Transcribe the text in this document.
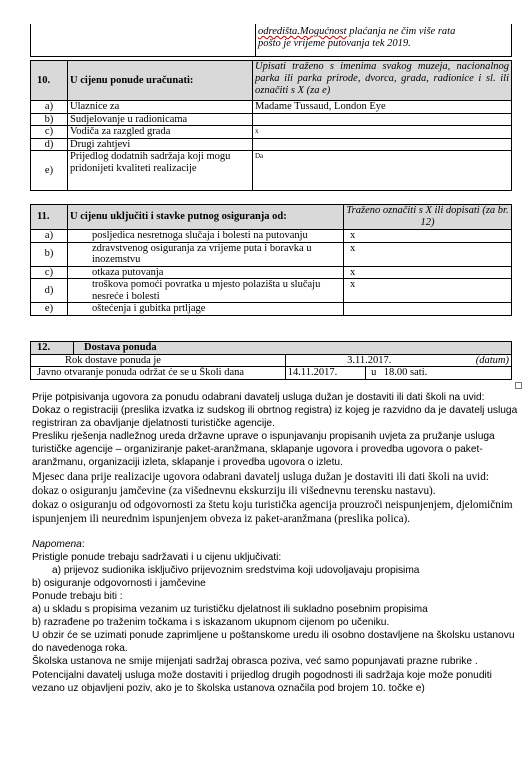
	odredišta.Mogućnost plaćanja ne čim više rata
pošto je vrijeme putovanja tek 2019.
10.	U cijenu ponude uračunati:	Upisati traženo s imenima svakog muzeja, nacionalnog parka ili parka prirode, dvorca, grada, radionice i sl. ili označiti s X (za e)
a)	Ulaznice za	Madame Tussaud, London Eye
b)	Sudjelovanje u radionicama	
c)	Vodiča za razgled grada	x
d)	Drugi zahtjevi	
e)	Prijedlog dodatnih sadržaja koji mogu pridonijeti kvaliteti realizacije	Da
11.	U cijenu uključiti i stavke putnog osiguranja od:	Traženo označiti s X ili dopisati (za br. 12)
a)	posljedica nesretnoga slučaja i bolesti na putovanju	x
b)	zdravstvenog osiguranja za vrijeme puta i boravka u inozemstvu	x
c)	otkaza putovanja	x
d)	troškova pomoći povratka u mjesto polazišta u slučaju nesreće i bolesti	x
e)	oštećenja i gubitka prtljage	
12.	Dostava ponuda				
Rok dostave ponuda je		3.11.2017.			(datum)
Javno otvaranje ponuda održat će se u Školi dana		14.11.2017.	u	18.00 sati.	

Prije potpisivanja ugovora za ponudu odabrani davatelj usluga dužan je dostaviti ili dati školi na uvid:

Dokaz o registraciji (preslika izvatka iz sudskog ili obrtnog registra) iz kojeg je razvidno da je davatelj usluga registriran za obavljanje djelatnosti turističke agencije.

Presliku rješenja nadležnog ureda državne uprave o ispunjavanju propisanih uvjeta za pružanje usluga turističke agencije – organiziranje paket-aranžmana, sklapanje ugovora i provedba ugovora o paket-aranžmanu, organizaciji izleta, sklapanje i provedba ugovora o izletu.

Mjesec dana prije realizacije ugovora odabrani davatelj usluga dužan je dostaviti ili dati školi na uvid:

dokaz o osiguranju jamčevine (za višednevnu ekskurziju ili višednevnu terensku nastavu).

dokaz o osiguranju od odgovornosti za štetu koju turistička agencija prouzroči neispunjenjem, djelomičnim ispunjenjem ili neurednim ispunjenjem obveza iz paket-aranžmana (preslika polica).

Napomena:

Pristigle ponude trebaju sadržavati i u cijenu uključivati:

a) prijevoz sudionika isključivo prijevoznim sredstvima koji udovoljavaju propisima

b) osiguranje odgovornosti i jamčevine

Ponude trebaju biti :

a) u skladu s propisima vezanim uz turističku djelatnost ili sukladno posebnim propisima

b) razrađene po traženim točkama i s iskazanom ukupnom cijenom po učeniku.

U obzir će se uzimati ponude zaprimljene u poštanskome uredu ili osobno dostavljene na školsku ustanovu do navedenoga roka.

Školska ustanova ne smije mijenjati sadržaj obrasca poziva, već samo popunjavati prazne rubrike .

Potencijalni davatelj usluga može dostaviti i prijedlog drugih pogodnosti ili sadržaja koje može ponuditi vezano uz objavljeni poziv, ako je to školska ustanova označila pod brojem 10. točke e)
